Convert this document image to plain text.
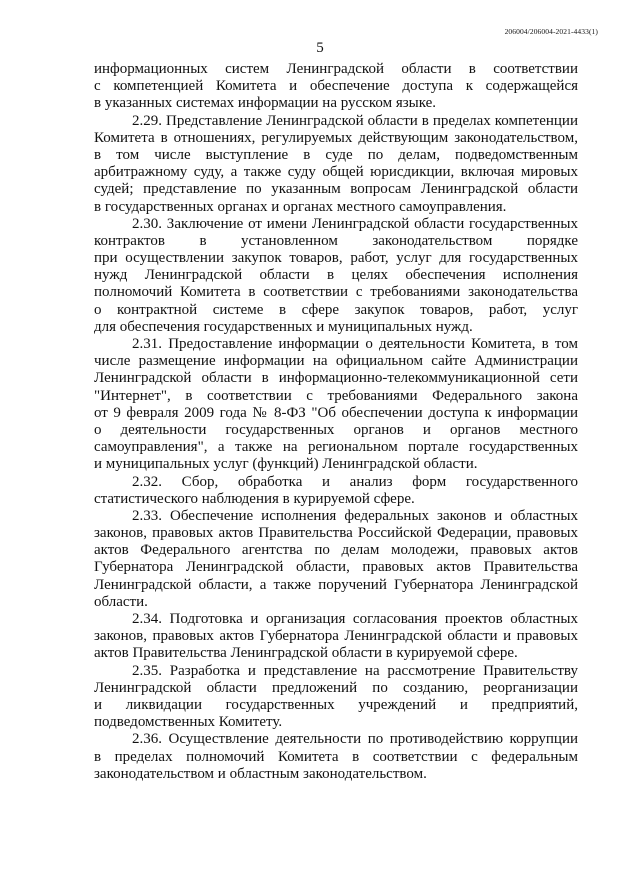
206004/206004-2021-4433(1)
5
информационных систем Ленинградской области в соответствии
с компетенцией Комитета и обеспечение доступа к содержащейся
в указанных системах информации на русском языке.
2.29. Представление Ленинградской области в пределах компетенции
Комитета в отношениях, регулируемых действующим законодательством,
в том числе выступление в суде по делам, подведомственным
арбитражному суду, а также суду общей юрисдикции, включая мировых
судей; представление по указанным вопросам Ленинградской области
в государственных органах и органах местного самоуправления.
2.30. Заключение от имени Ленинградской области государственных
контрактов в установленном законодательством порядке
при осуществлении закупок товаров, работ, услуг для государственных
нужд Ленинградской области в целях обеспечения исполнения
полномочий Комитета в соответствии с требованиями законодательства
о контрактной системе в сфере закупок товаров, работ, услуг
для обеспечения государственных и муниципальных нужд.
2.31. Предоставление информации о деятельности Комитета, в том
числе размещение информации на официальном сайте Администрации
Ленинградской области в информационно-телекоммуникационной сети
"Интернет", в соответствии с требованиями Федерального закона
от 9 февраля 2009 года № 8-ФЗ "Об обеспечении доступа к информации
о деятельности государственных органов и органов местного
самоуправления", а также на региональном портале государственных
и муниципальных услуг (функций) Ленинградской области.
2.32. Сбор, обработка и анализ форм государственного
статистического наблюдения в курируемой сфере.
2.33. Обеспечение исполнения федеральных законов и областных
законов, правовых актов Правительства Российской Федерации, правовых
актов Федерального агентства по делам молодежи, правовых актов
Губернатора Ленинградской области, правовых актов Правительства
Ленинградской области, а также поручений Губернатора Ленинградской
области.
2.34. Подготовка и организация согласования проектов областных
законов, правовых актов Губернатора Ленинградской области и правовых
актов Правительства Ленинградской области в курируемой сфере.
2.35. Разработка и представление на рассмотрение Правительству
Ленинградской области предложений по созданию, реорганизации
и ликвидации государственных учреждений и предприятий,
подведомственных Комитету.
2.36. Осуществление деятельности по противодействию коррупции
в пределах полномочий Комитета в соответствии с федеральным
законодательством и областным законодательством.
